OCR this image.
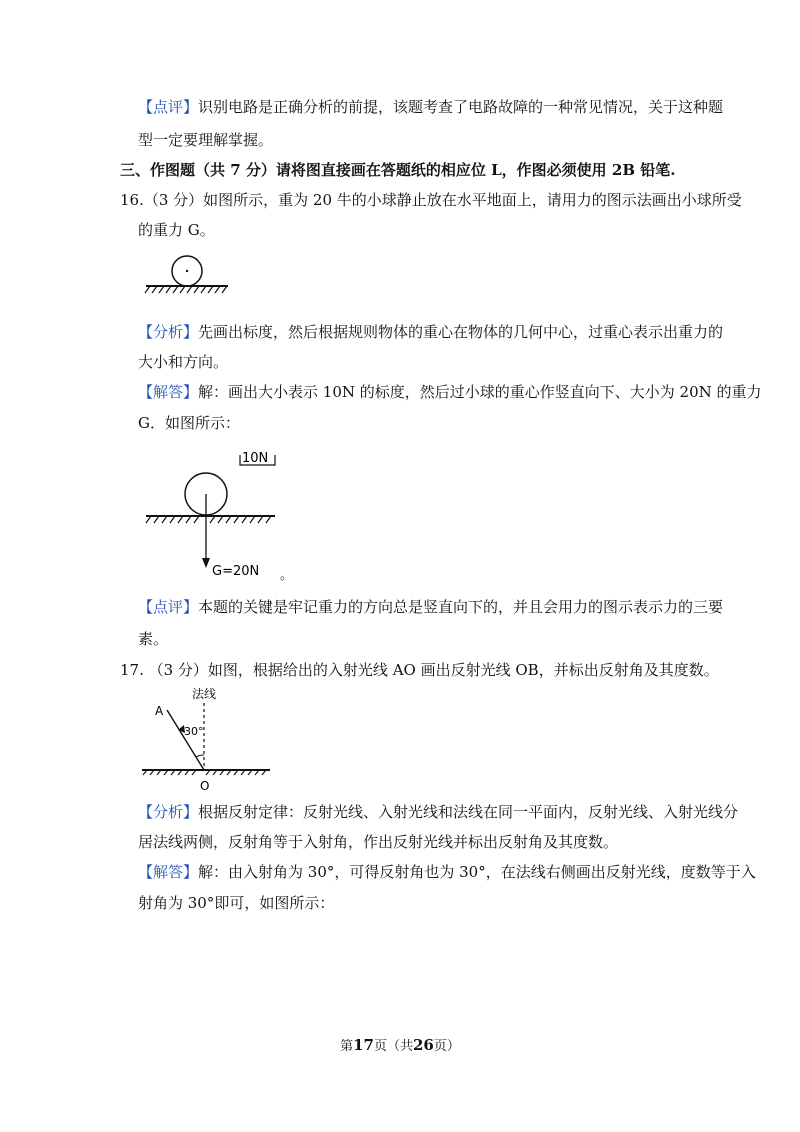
【点评】识别电路是正确分析的前提，该题考查了电路故障的一种常见情况，关于这种题
型一定要理解掌握。
三、作图题（共 7 分）请将图直接画在答题纸的相应位 L，作图必须使用 2B 铅笔.
16.（3 分）如图所示，重为 20 牛的小球静止放在水平地面上，请用力的图示法画出小球所受
的重力 G。
【分析】先画出标度，然后根据规则物体的重心在物体的几何中心，过重心表示出重力的
大小和方向。
【解答】解：画出大小表示 10N 的标度，然后过小球的重心作竖直向下、大小为 20N 的重力
G．如图所示：
10N
G=20N 。
【点评】本题的关键是牢记重力的方向总是竖直向下的，并且会用力的图示表示力的三要
素。
17. （3 分）如图，根据给出的入射光线 AO 画出反射光线 OB，并标出反射角及其度数。
法线
A
30°
O
【分析】根据反射定律：反射光线、入射光线和法线在同一平面内，反射光线、入射光线分
居法线两侧，反射角等于入射角，作出反射光线并标出反射角及其度数。
【解答】解：由入射角为 30°，可得反射角也为 30°，在法线右侧画出反射光线，度数等于入
射角为 30°即可，如图所示：
第17页（共26页）
